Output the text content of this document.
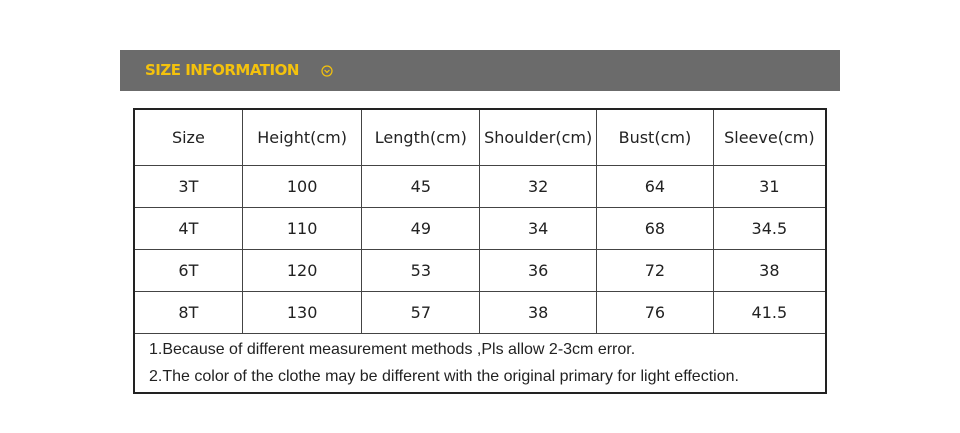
SIZE INFORMATION
Size	Height(cm)	Length(cm)	Shoulder(cm)	Bust(cm)	Sleeve(cm)
3T	100	45	32	64	31
4T	110	49	34	68	34.5
6T	120	53	36	72	38
8T	130	57	38	76	41.5

1.Because of different measurement methods ,Pls allow 2-3cm error.
2.The color of the clothe may be different with the original primary for light effection.					
